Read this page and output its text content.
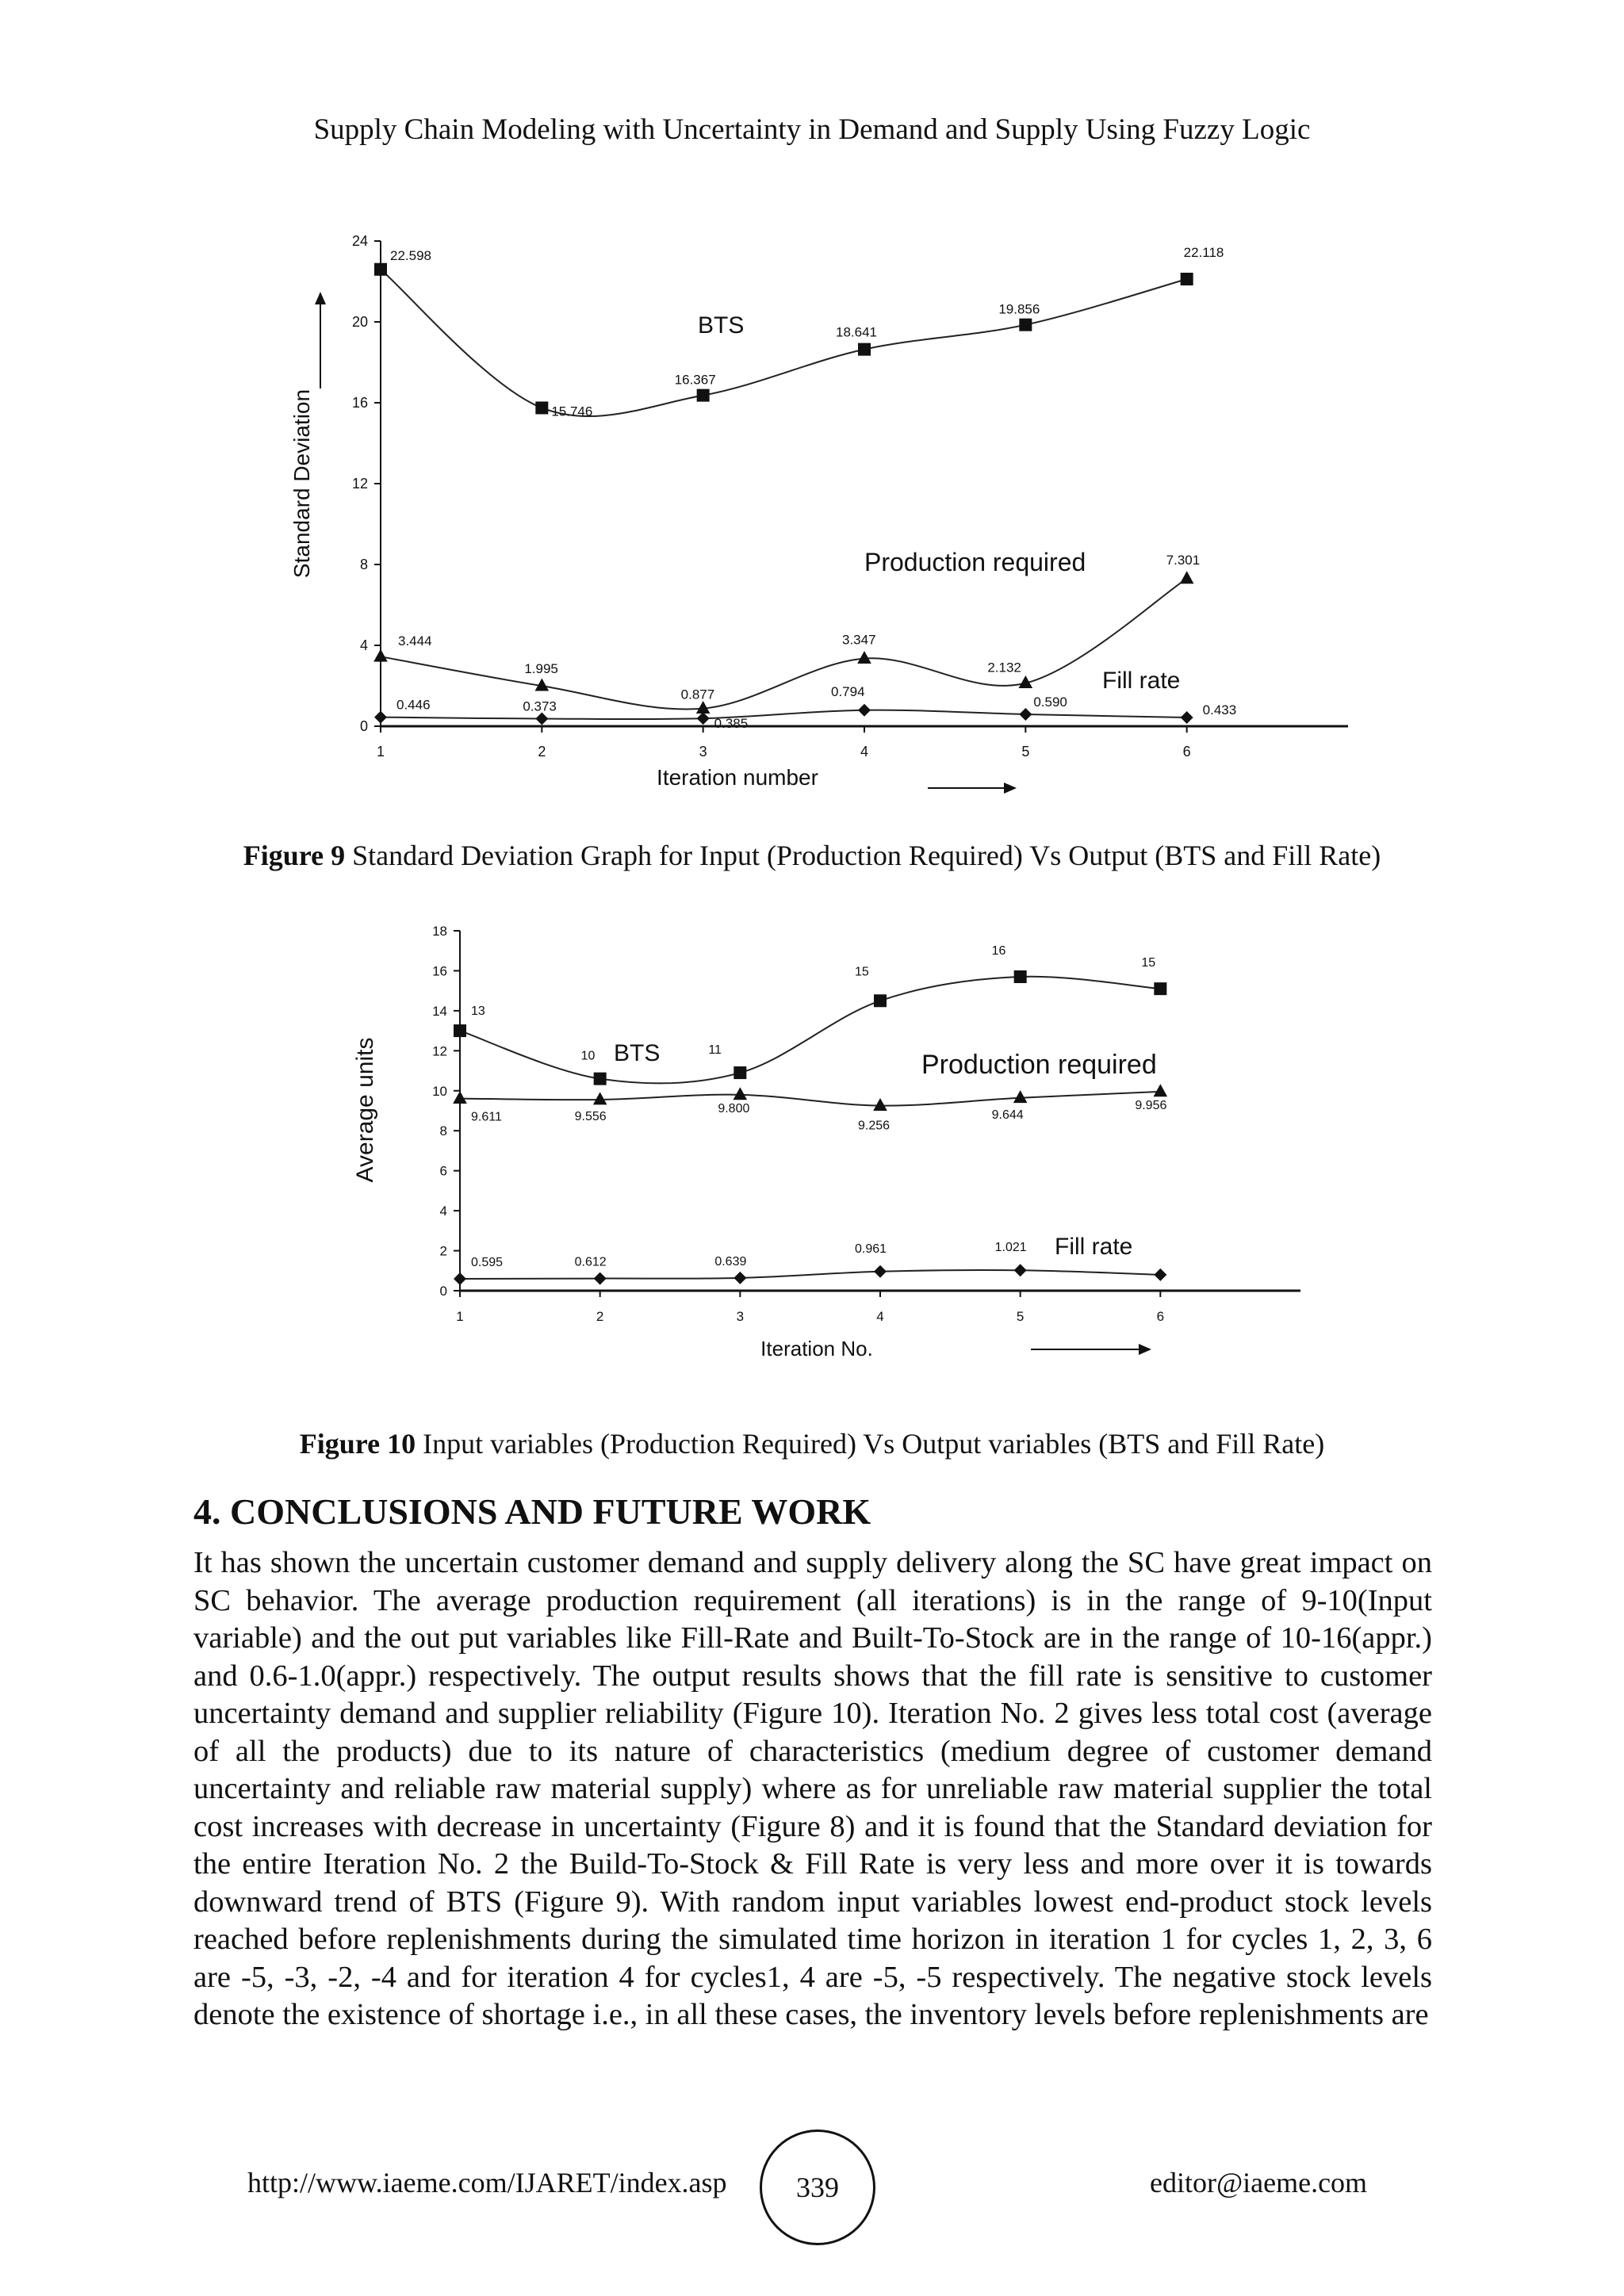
Supply Chain Modeling with Uncertainty in Demand and Supply Using Fuzzy Logic
0
4
8
12
16
20
24
1	2	3	4	5	6
Standard Deviation
Iteration number
22.598
15.746
16.367
18.641
19.856
22.118
BTS
3.444
1.995
0.877
3.347
2.132
7.301
Production required
0.446	0.373
0.385
0.794
0.590
0.433
Fill rate
Figure 9 Standard Deviation Graph for Input (Production Required) Vs Output (BTS and Fill Rate)
0
2
4
6
8
10
12
14
16
18
1	2	3	4	5	6
Average units
Iteration No.
13
10	11
15
16
15
BTS
9.611	9.556
9.800
9.256
9.644
9.956
Production required
0.595	0.612	0.639
0.961	1.021 Fill rate
Figure 10 Input variables (Production Required) Vs Output variables (BTS and Fill Rate)
4. CONCLUSIONS AND FUTURE WORK
It has shown the uncertain customer demand and supply delivery along the SC have great impact on SC behavior. The average production requirement (all iterations) is in the range of 9-10(Input variable) and the out put variables like Fill-Rate and Built-To-Stock are in the range of 10-16(appr.) and 0.6-1.0(appr.) respectively. The output results shows that the fill rate is sensitive to customer uncertainty demand and supplier reliability (Figure 10). Iteration No. 2 gives less total cost (average of all the products) due to its nature of characteristics (medium degree of customer demand uncertainty and reliable raw material supply) where as for unreliable raw material supplier the total cost increases with decrease in uncertainty (Figure 8) and it is found that the Standard deviation for the entire Iteration No. 2 the Build-To-Stock & Fill Rate is very less and more over it is towards downward trend of BTS (Figure 9). With random input variables lowest end-product stock levels reached before replenishments during the simulated time horizon in iteration 1 for cycles 1, 2, 3, 6 are -5, -3, -2, -4 and for iteration 4 for cycles1, 4 are -5, -5 respectively. The negative stock levels denote the existence of shortage i.e., in all these cases, the inventory levels before replenishments are
http://www.iaeme.com/IJARET/index.asp	339	editor@iaeme.com
